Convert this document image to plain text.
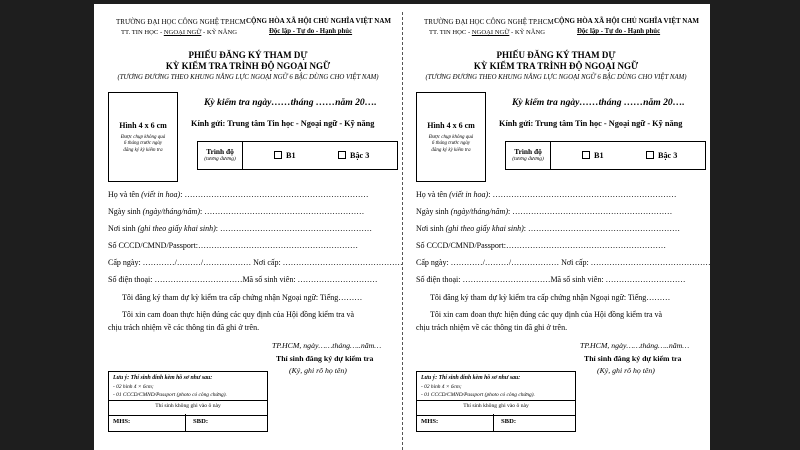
TRƯỜNG ĐẠI HỌC CÔNG NGHỆ TP.HCM
TT. TIN HỌC - NGOẠI NGỮ - KỸ NĂNG
CỘNG HÒA XÃ HỘI CHỦ NGHĨA VIỆT NAM
Độc lập - Tự do - Hạnh phúc
PHIẾU ĐĂNG KÝ THAM DỰ
KỲ KIỂM TRA TRÌNH ĐỘ NGOẠI NGỮ
(TƯƠNG ĐƯƠNG THEO KHUNG NĂNG LỰC NGOẠI NGỮ 6 BẬC DÙNG CHO VIỆT NAM)
Hình 4 x 6 cm
Được chụp không quá 6 tháng trước ngày đăng ký kỳ kiểm tra
Kỳ kiểm tra ngày……tháng ……năm 20….
Kính gửi: Trung tâm Tin học - Ngoại ngữ - Kỹ năng
Trình độ
(tương đương)	B1	Bậc 3
Họ và tên (viết in hoa): ……………………………………………………………
Ngày sinh (ngày/tháng/năm): ……………………………………………………
Nơi sinh (ghi theo giấy khai sinh): …………………………………………………
Số CCCD/CMND/Passport:……………………………………………………
Cấp ngày: …………/………/……………… Nơi cấp: ………………………………………
Số điện thoại: ……………………………Mã số sinh viên: …………………………
Tôi đăng ký tham dự kỳ kiểm tra cấp chứng nhận Ngoại ngữ: Tiếng………
Tôi xin cam đoan thực hiện đúng các quy định của Hội đồng kiểm tra và
chịu trách nhiệm về các thông tin đã ghi ở trên.
TP.HCM, ngày……tháng…..năm…
Thí sinh đăng ký dự kiểm tra
(Ký, ghi rõ họ tên)
Lưu ý: Thí sinh đính kèm hồ sơ như sau:
- 02 hình 4 × 6cm;
- 01 CCCD/CMND/Passport (photo có công chứng).
Thí sinh không ghi vào ô này
MHS:	SBD:
TRƯỜNG ĐẠI HỌC CÔNG NGHỆ TP.HCM
TT. TIN HỌC - NGOẠI NGỮ - KỸ NĂNG
CỘNG HÒA XÃ HỘI CHỦ NGHĨA VIỆT NAM
Độc lập - Tự do - Hạnh phúc
PHIẾU ĐĂNG KÝ THAM DỰ
KỲ KIỂM TRA TRÌNH ĐỘ NGOẠI NGỮ
(TƯƠNG ĐƯƠNG THEO KHUNG NĂNG LỰC NGOẠI NGỮ 6 BẬC DÙNG CHO VIỆT NAM)
Hình 4 x 6 cm
Được chụp không quá 6 tháng trước ngày đăng ký kỳ kiểm tra
Kỳ kiểm tra ngày……tháng ……năm 20….
Kính gửi: Trung tâm Tin học - Ngoại ngữ - Kỹ năng
Trình độ
(tương đương)	B1	Bậc 3
Họ và tên (viết in hoa): ……………………………………………………………
Ngày sinh (ngày/tháng/năm): ……………………………………………………
Nơi sinh (ghi theo giấy khai sinh): …………………………………………………
Số CCCD/CMND/Passport:……………………………………………………
Cấp ngày: …………/………/……………… Nơi cấp: ………………………………………
Số điện thoại: ……………………………Mã số sinh viên: …………………………
Tôi đăng ký tham dự kỳ kiểm tra cấp chứng nhận Ngoại ngữ: Tiếng………
Tôi xin cam đoan thực hiện đúng các quy định của Hội đồng kiểm tra và
chịu trách nhiệm về các thông tin đã ghi ở trên.
TP.HCM, ngày……tháng…..năm…
Thí sinh đăng ký dự kiểm tra
(Ký, ghi rõ họ tên)
Lưu ý: Thí sinh đính kèm hồ sơ như sau:
- 02 hình 4 × 6cm;
- 01 CCCD/CMND/Passport (photo có công chứng).
Thí sinh không ghi vào ô này
MHS:	SBD:
